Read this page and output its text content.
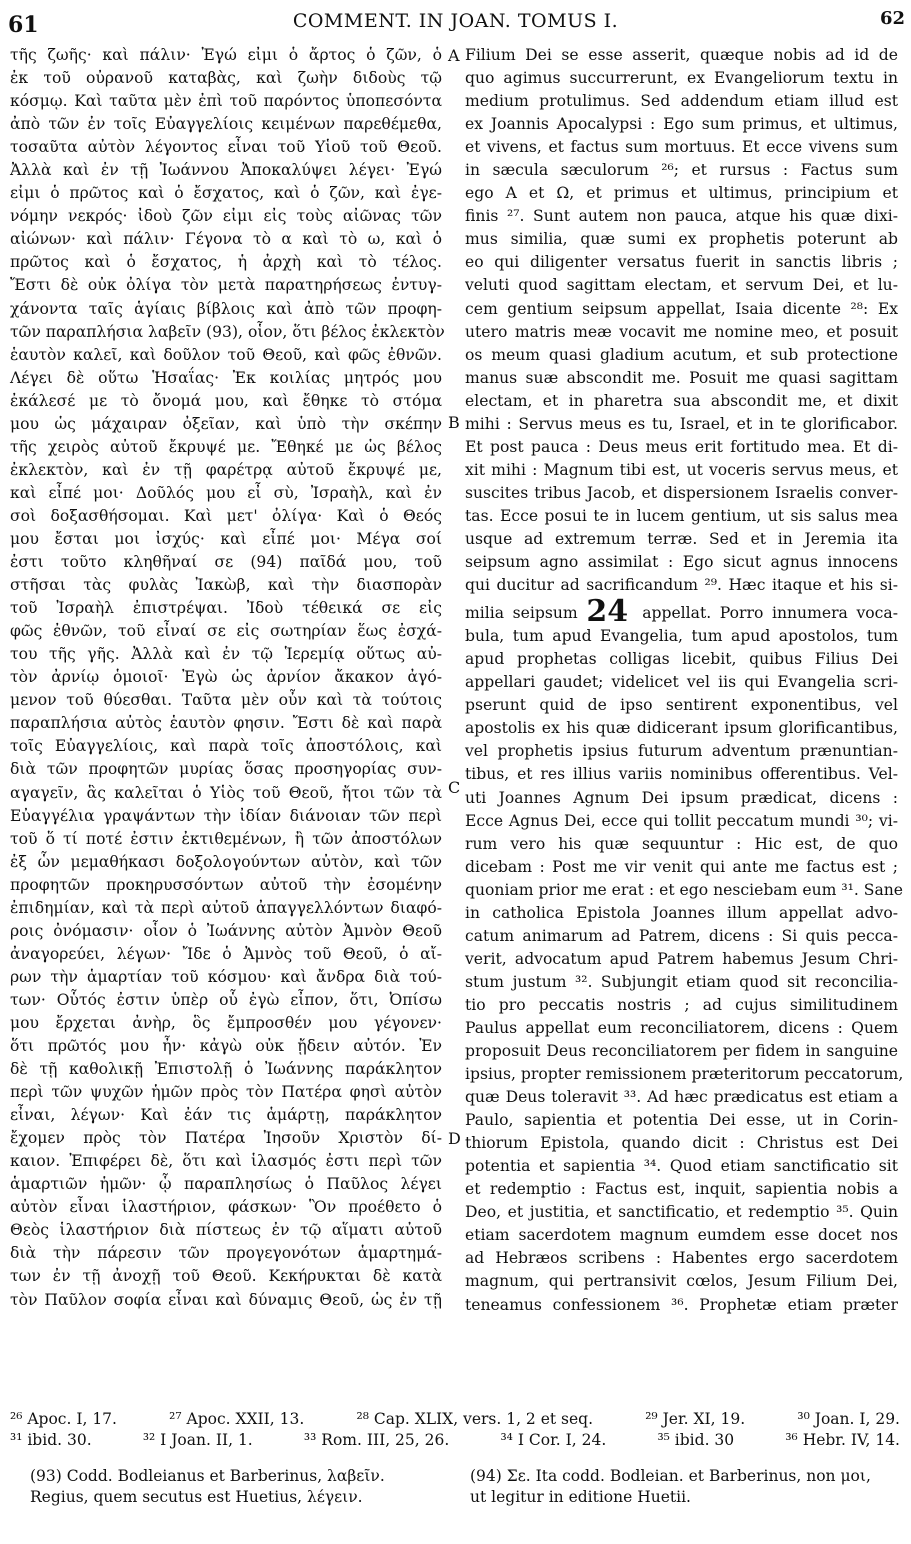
61	COMMENT. IN JOAN. TOMUS I.	62
τῆς ζωῆς· καὶ πάλιν· Ἐγώ εἰμι ὁ ἄρτος ὁ ζῶν, ὁ
ἐκ τοῦ οὐρανοῦ καταβὰς, καὶ ζωὴν διδοὺς τῷ
κόσμῳ. Καὶ ταῦτα μὲν ἐπὶ τοῦ παρόντος ὑποπεσόντα
ἀπὸ τῶν ἐν τοῖς Εὐαγγελίοις κειμένων παρεθέμεθα,
τοσαῦτα αὐτὸν λέγοντος εἶναι τοῦ Υἱοῦ τοῦ Θεοῦ.
Ἀλλὰ καὶ ἐν τῇ Ἰωάννου Ἀποκαλύψει λέγει· Ἐγώ
εἰμι ὁ πρῶτος καὶ ὁ ἔσχατος, καὶ ὁ ζῶν, καὶ ἐγε-
νόμην νεκρός· ἰδοὺ ζῶν εἰμι εἰς τοὺς αἰῶνας τῶν
αἰώνων· καὶ πάλιν· Γέγονα τὸ α καὶ τὸ ω, καὶ ὁ
πρῶτος καὶ ὁ ἔσχατος, ἡ ἀρχὴ καὶ τὸ τέλος.
Ἔστι δὲ οὐκ ὀλίγα τὸν μετὰ παρατηρήσεως ἐντυγ-
χάνοντα ταῖς ἁγίαις βίβλοις καὶ ἀπὸ τῶν προφη-
τῶν παραπλήσια λαβεῖν (93), οἷον, ὅτι βέλος ἐκλεκτὸν
ἑαυτὸν καλεῖ, καὶ δοῦλον τοῦ Θεοῦ, καὶ φῶς ἐθνῶν.
Λέγει δὲ οὕτω Ἡσαΐας· Ἐκ κοιλίας μητρός μου
ἐκάλεσέ με τὸ ὄνομά μου, καὶ ἔθηκε τὸ στόμα
μου ὡς μάχαιραν ὀξεῖαν, καὶ ὑπὸ τὴν σκέπην
τῆς χειρὸς αὐτοῦ ἔκρυψέ με. Ἔθηκέ με ὡς βέλος
ἐκλεκτὸν, καὶ ἐν τῇ φαρέτρᾳ αὐτοῦ ἔκρυψέ με,
καὶ εἶπέ μοι· Δοῦλός μου εἶ σὺ, Ἰσραὴλ, καὶ ἐν
σοὶ δοξασθήσομαι. Καὶ μετ' ὀλίγα· Καὶ ὁ Θεός
μου ἔσται μοι ἰσχύς· καὶ εἶπέ μοι· Μέγα σοί
ἐστι τοῦτο κληθῆναί σε (94) παῖδά μου, τοῦ
στῆσαι τὰς φυλὰς Ἰακὼβ, καὶ τὴν διασπορὰν
τοῦ Ἰσραὴλ ἐπιστρέψαι. Ἰδοὺ τέθεικά σε εἰς
φῶς ἐθνῶν, τοῦ εἶναί σε εἰς σωτηρίαν ἕως ἐσχά-
του τῆς γῆς. Ἀλλὰ καὶ ἐν τῷ Ἱερεμίᾳ οὕτως αὐ-
τὸν ἀρνίῳ ὁμοιοῖ· Ἐγὼ ὡς ἀρνίον ἄκακον ἀγό-
μενον τοῦ θύεσθαι. Ταῦτα μὲν οὖν καὶ τὰ τούτοις
παραπλήσια αὐτὸς ἑαυτὸν φησιν. Ἔστι δὲ καὶ παρὰ
τοῖς Εὐαγγελίοις, καὶ παρὰ τοῖς ἀποστόλοις, καὶ
διὰ τῶν προφητῶν μυρίας ὅσας προσηγορίας συν-
αγαγεῖν, ἃς καλεῖται ὁ Υἱὸς τοῦ Θεοῦ, ἤτοι τῶν τὰ
Εὐαγγέλια γραψάντων τὴν ἰδίαν διάνοιαν τῶν περὶ
τοῦ ὅ τί ποτέ ἐστιν ἐκτιθεμένων, ἢ τῶν ἀποστόλων
ἐξ ὧν μεμαθήκασι δοξολογούντων αὐτὸν, καὶ τῶν
προφητῶν προκηρυσσόντων αὐτοῦ τὴν ἐσομένην
ἐπιδημίαν, καὶ τὰ περὶ αὐτοῦ ἀπαγγελλόντων διαφό-
ροις ὀνόμασιν· οἷον ὁ Ἰωάννης αὐτὸν Ἀμνὸν Θεοῦ
ἀναγορεύει, λέγων· Ἴδε ὁ Ἀμνὸς τοῦ Θεοῦ, ὁ αἴ-
ρων τὴν ἁμαρτίαν τοῦ κόσμου· καὶ ἄνδρα διὰ τού-
των· Οὗτός ἐστιν ὑπὲρ οὗ ἐγὼ εἶπον, ὅτι, Ὀπίσω
μου ἔρχεται ἀνὴρ, ὃς ἔμπροσθέν μου γέγονεν·
ὅτι πρῶτός μου ἦν· κἀγὼ οὐκ ᾔδειν αὐτόν. Ἐν
δὲ τῇ καθολικῇ Ἐπιστολῇ ὁ Ἰωάννης παράκλητον
περὶ τῶν ψυχῶν ἡμῶν πρὸς τὸν Πατέρα φησὶ αὐτὸν
εἶναι, λέγων· Καὶ ἐάν τις ἁμάρτῃ, παράκλητον
ἔχομεν πρὸς τὸν Πατέρα Ἰησοῦν Χριστὸν δί-
καιον. Ἐπιφέρει δὲ, ὅτι καὶ ἱλασμός ἐστι περὶ τῶν
ἁμαρτιῶν ἡμῶν· ᾧ παραπλησίως ὁ Παῦλος λέγει
αὐτὸν εἶναι ἱλαστήριον, φάσκων· Ὃν προέθετο ὁ
Θεὸς ἱλαστήριον διὰ πίστεως ἐν τῷ αἵματι αὐτοῦ
διὰ τὴν πάρεσιν τῶν προγεγονότων ἁμαρτημά-
των ἐν τῇ ἀνοχῇ τοῦ Θεοῦ. Κεκήρυκται δὲ κατὰ
τὸν Παῦλον σοφία εἶναι καὶ δύναμις Θεοῦ, ὡς ἐν τῇ
A
B
C
D
Filium Dei se esse asserit, quæque nobis ad id de
quo agimus succurrerunt, ex Evangeliorum textu in
medium protulimus. Sed addendum etiam illud est
ex Joannis Apocalypsi : Ego sum primus, et ultimus,
et vivens, et factus sum mortuus. Et ecce vivens sum
in sæcula sæculorum ²⁶; et rursus : Factus sum
ego A et Ω, et primus et ultimus, principium et
finis ²⁷. Sunt autem non pauca, atque his quæ dixi-
mus similia, quæ sumi ex prophetis poterunt ab
eo qui diligenter versatus fuerit in sanctis libris ;
veluti quod sagittam electam, et servum Dei, et lu-
cem gentium seipsum appellat, Isaia dicente ²⁸: Ex
utero matris meæ vocavit me nomine meo, et posuit
os meum quasi gladium acutum, et sub protectione
manus suæ abscondit me. Posuit me quasi sagittam
electam, et in pharetra sua abscondit me, et dixit
mihi : Servus meus es tu, Israel, et in te glorificabor.
Et post pauca : Deus meus erit fortitudo mea. Et di-
xit mihi : Magnum tibi est, ut voceris servus meus, et
suscites tribus Jacob, et dispersionem Israelis conver-
tas. Ecce posui te in lucem gentium, ut sis salus mea
usque ad extremum terræ. Sed et in Jeremia ita
seipsum agno assimilat : Ego sicut agnus innocens
qui ducitur ad sacrificandum ²⁹. Hæc itaque et his si-
milia seipsum 24 appellat. Porro innumera voca-
bula, tum apud Evangelia, tum apud apostolos, tum
apud prophetas colligas licebit, quibus Filius Dei
appellari gaudet; videlicet vel iis qui Evangelia scri-
pserunt quid de ipso sentirent exponentibus, vel
apostolis ex his quæ didicerant ipsum glorificantibus,
vel prophetis ipsius futurum adventum prænuntian-
tibus, et res illius variis nominibus offerentibus. Vel-
uti Joannes Agnum Dei ipsum prædicat, dicens :
Ecce Agnus Dei, ecce qui tollit peccatum mundi ³⁰; vi-
rum vero his quæ sequuntur : Hic est, de quo
dicebam : Post me vir venit qui ante me factus est ;
quoniam prior me erat : et ego nesciebam eum ³¹. Sane
in catholica Epistola Joannes illum appellat advo-
catum animarum ad Patrem, dicens : Si quis pecca-
verit, advocatum apud Patrem habemus Jesum Chri-
stum justum ³². Subjungit etiam quod sit reconcilia-
tio pro peccatis nostris ; ad cujus similitudinem
Paulus appellat eum reconciliatorem, dicens : Quem
proposuit Deus reconciliatorem per fidem in sanguine
ipsius, propter remissionem præteritorum peccatorum,
quæ Deus toleravit ³³. Ad hæc prædicatus est etiam a
Paulo, sapientia et potentia Dei esse, ut in Corin-
thiorum Epistola, quando dicit : Christus est Dei
potentia et sapientia ³⁴. Quod etiam sanctificatio sit
et redemptio : Factus est, inquit, sapientia nobis a
Deo, et justitia, et sanctificatio, et redemptio ³⁵. Quin
etiam sacerdotem magnum eumdem esse docet nos
ad Hebræos scribens : Habentes ergo sacerdotem
magnum, qui pertransivit cœlos, Jesum Filium Dei,
teneamus confessionem ³⁶. Prophetæ etiam præter
²⁶ Apoc. I, 17.	²⁷ Apoc. XXII, 13.	²⁸ Cap. XLIX, vers. 1, 2 et seq.	²⁹ Jer. XI, 19.	³⁰ Joan. I, 29.
³¹ ibid. 30.	³² I Joan. II, 1.	³³ Rom. III, 25, 26.	³⁴ I Cor. I, 24.	³⁵ ibid. 30	³⁶ Hebr. IV, 14.
(93) Codd. Bodleianus et Barberinus, λαβεῖν. Regius, quem secutus est Huetius, λέγειν.
(94) Σε. Ita codd. Bodleian. et Barberinus, non μοι, ut legitur in editione Huetii.
